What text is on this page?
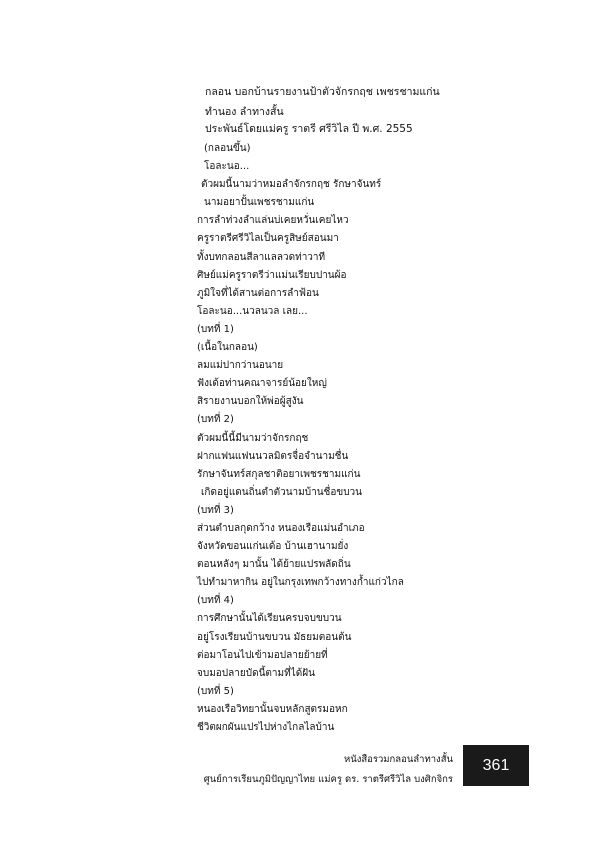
กลอน บอกบ้านรายงานป้าตัวจักรกฤช เพชรชามแก่น
ทำนอง ลำทางสั้น
ประพันธ์โดยแม่ครู ราตรี ศรีวิไล ปี พ.ศ. 2555
(กลอนขึ้น)
โอละนอ...
ตัวผมนี้นามว่าหมอลำจักรกฤช รักษาจันทร์
นามอยาปั้นเพชรชามแก่น
การลำท่วงลำแล่นบ่เคยหวั่นเคยไหว
ครูราตรีศรีวิไลเป็นครูสิษย์สอนมา
ทั้งบทกลอนสีลาแลลวดท่าวาที
ศิษย์แม่ครูราตรีว่าแม่นเรียบปานผ้อ
ภูมิใจที่ได้สานต่อการลำฟ้อน
โอละนอ...นวลนวล เลย...
(บทที่ 1)
(เนื้อในกลอน)
ลมแม่ปากว่านอนาย
ฟังเด้อท่านคณาจารย์น้อยใหญ่
สิรายงานบอกให้พ่อผู้สูงัน
(บทที่ 2)
ตัวผมนี้นี้มีนามว่าจักรกฤช
ฝากแฟนแฟนนวลมิตรจื่อจำนามชื่น
รักษาจันทร์สกุลชาติอยาเพชรชามแก่น
เกิดอยู่แดนถิ่นตำตัวนามบ้านชื่อขบวน
(บทที่ 3)
ส่วนตำบลกุดกว้าง หนองเรือแม่นอำเภอ
จังหวัดขอนแก่นเด้อ บ้านเฮานามยั่ง
ตอนหลังๆ มานั้น ได้ย้ายแปรพลัดถิ่น
ไปทำมาหากิน อยู่ในกรุงเทพกว้างทางก้ำแก่วไกล
(บทที่ 4)
การศึกษานั้นได้เรียนครบจบขบวน
อยู่โรงเรียนบ้านขบวน มัธยมตอนต้น
ต่อมาโอนไปเข้ามอปลายย้ายที่
จบมอปลายบัดนี้ตามที่ได้ฝัน
(บทที่ 5)
หนองเรือวิทยานั้นจบหลักสูตรมอหก
ชีวิตผกผันแปรไปห่างไกลไลบ้าน
หนังสือรวมกลอนลำทางสั้น
ศูนย์การเรียนภูมิปัญญาไทย แม่ครู ดร. ราตรีศรีวิไล บงศิกจิกร
361
